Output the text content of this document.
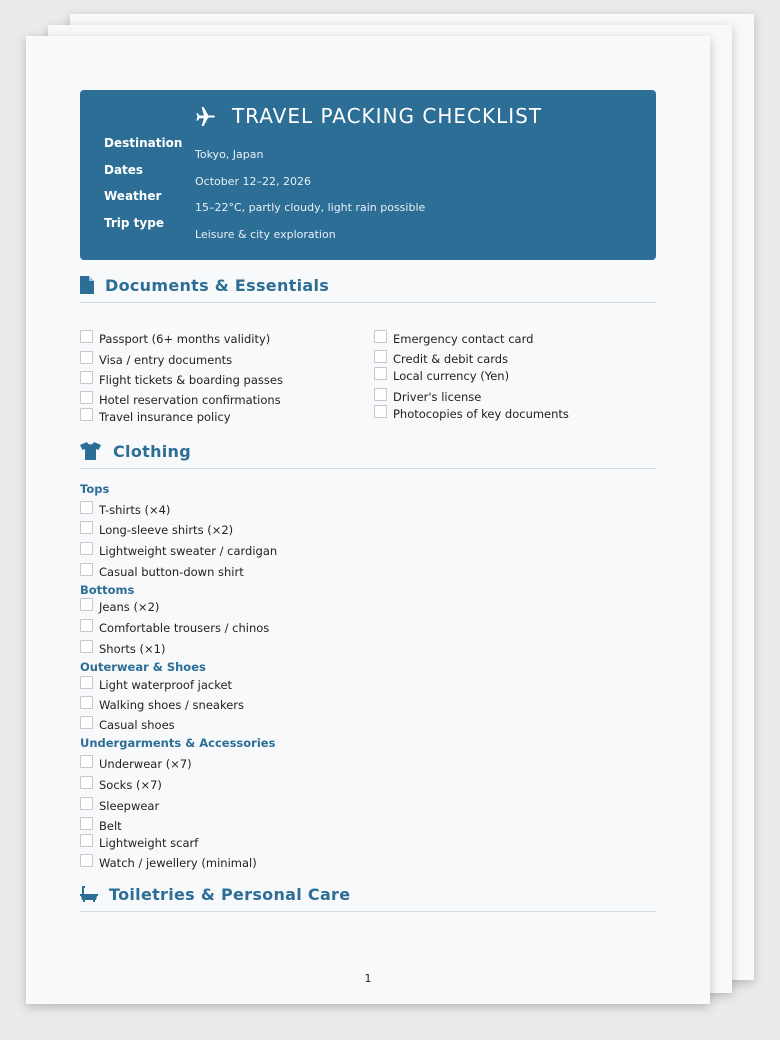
TRAVEL PACKING CHECKLIST
Destination
Dates
Weather
Trip type
Tokyo, Japan
October 12–22, 2026
15–22°C, partly cloudy, light rain possible
Leisure & city exploration
Documents & Essentials
Passport (6+ months validity)
Visa / entry documents
Flight tickets & boarding passes
Hotel reservation confirmations
Travel insurance policy
Emergency contact card
Credit & debit cards
Local currency (Yen)
Driver's license
Photocopies of key documents
Clothing
Tops
T-shirts (×4)
Long-sleeve shirts (×2)
Lightweight sweater / cardigan
Casual button-down shirt
Bottoms
Jeans (×2)
Comfortable trousers / chinos
Shorts (×1)
Outerwear & Shoes
Light waterproof jacket
Walking shoes / sneakers
Casual shoes
Undergarments & Accessories
Underwear (×7)
Socks (×7)
Sleepwear
Belt
Lightweight scarf
Watch / jewellery (minimal)
Toiletries & Personal Care
1
